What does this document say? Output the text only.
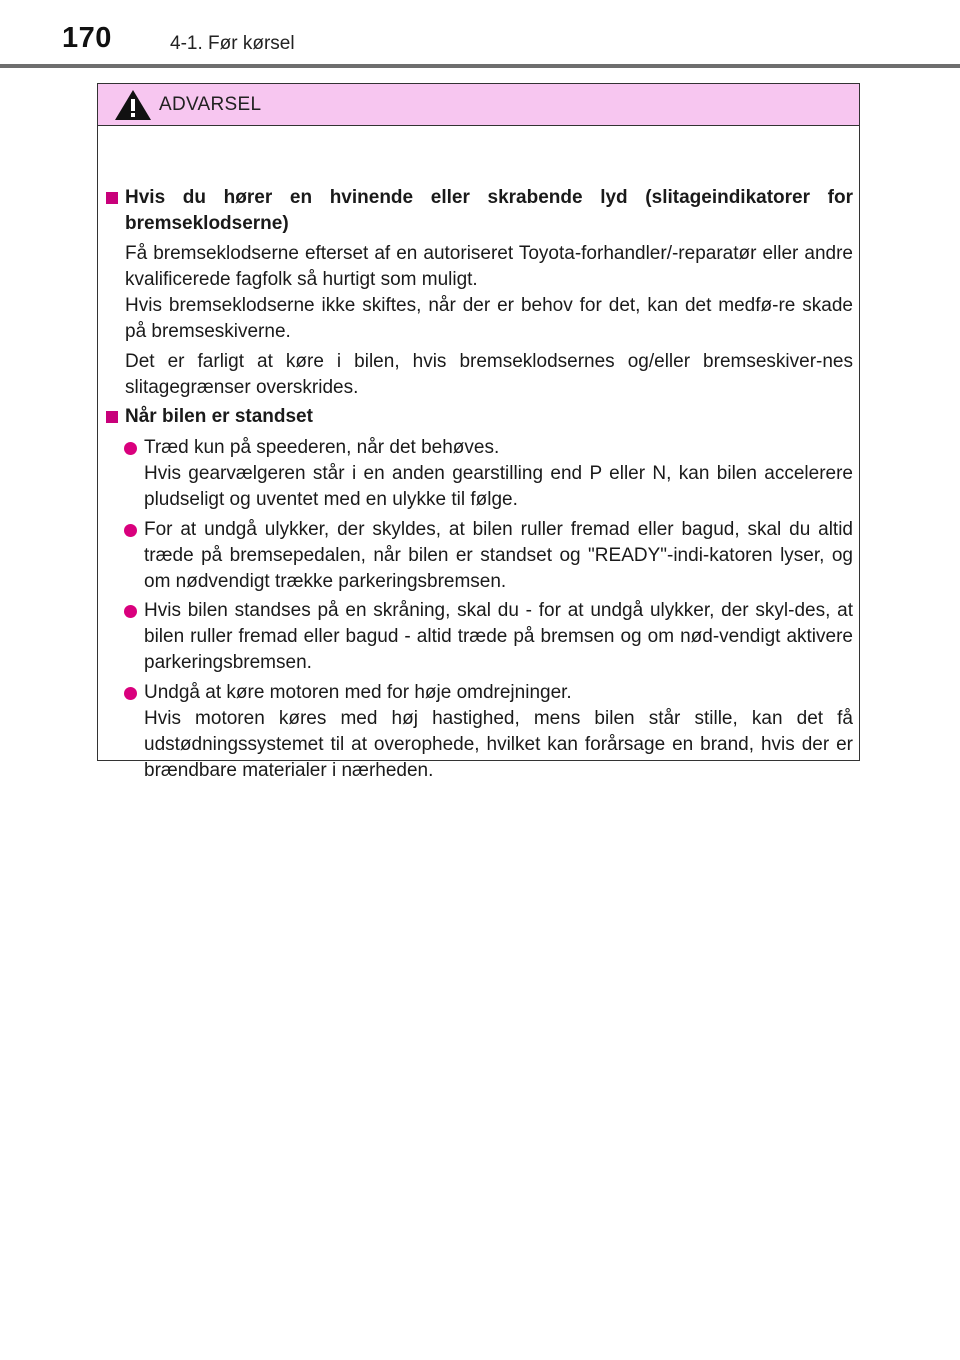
170	4-1. Før kørsel
ADVARSEL
Hvis du hører en hvinende eller skrabende lyd (slitageindikatorer for bremseklodserne)
Få bremseklodserne efterset af en autoriseret Toyota-forhandler/-reparatør eller andre kvalificerede fagfolk så hurtigt som muligt.
Hvis bremseklodserne ikke skiftes, når der er behov for det, kan det medfø-re skade på bremseskiverne.
Det er farligt at køre i bilen, hvis bremseklodsernes og/eller bremseskiver-nes slitagegrænser overskrides.
Når bilen er standset
Træd kun på speederen, når det behøves.
Hvis gearvælgeren står i en anden gearstilling end P eller N, kan bilen accelerere pludseligt og uventet med en ulykke til følge.
For at undgå ulykker, der skyldes, at bilen ruller fremad eller bagud, skal du altid træde på bremsepedalen, når bilen er standset og "READY"-indi-katoren lyser, og om nødvendigt trække parkeringsbremsen.
Hvis bilen standses på en skråning, skal du - for at undgå ulykker, der skyl-des, at bilen ruller fremad eller bagud - altid træde på bremsen og om nød-vendigt aktivere parkeringsbremsen.
Undgå at køre motoren med for høje omdrejninger.
Hvis motoren køres med høj hastighed, mens bilen står stille, kan det få udstødningssystemet til at overophede, hvilket kan forårsage en brand, hvis der er brændbare materialer i nærheden.
